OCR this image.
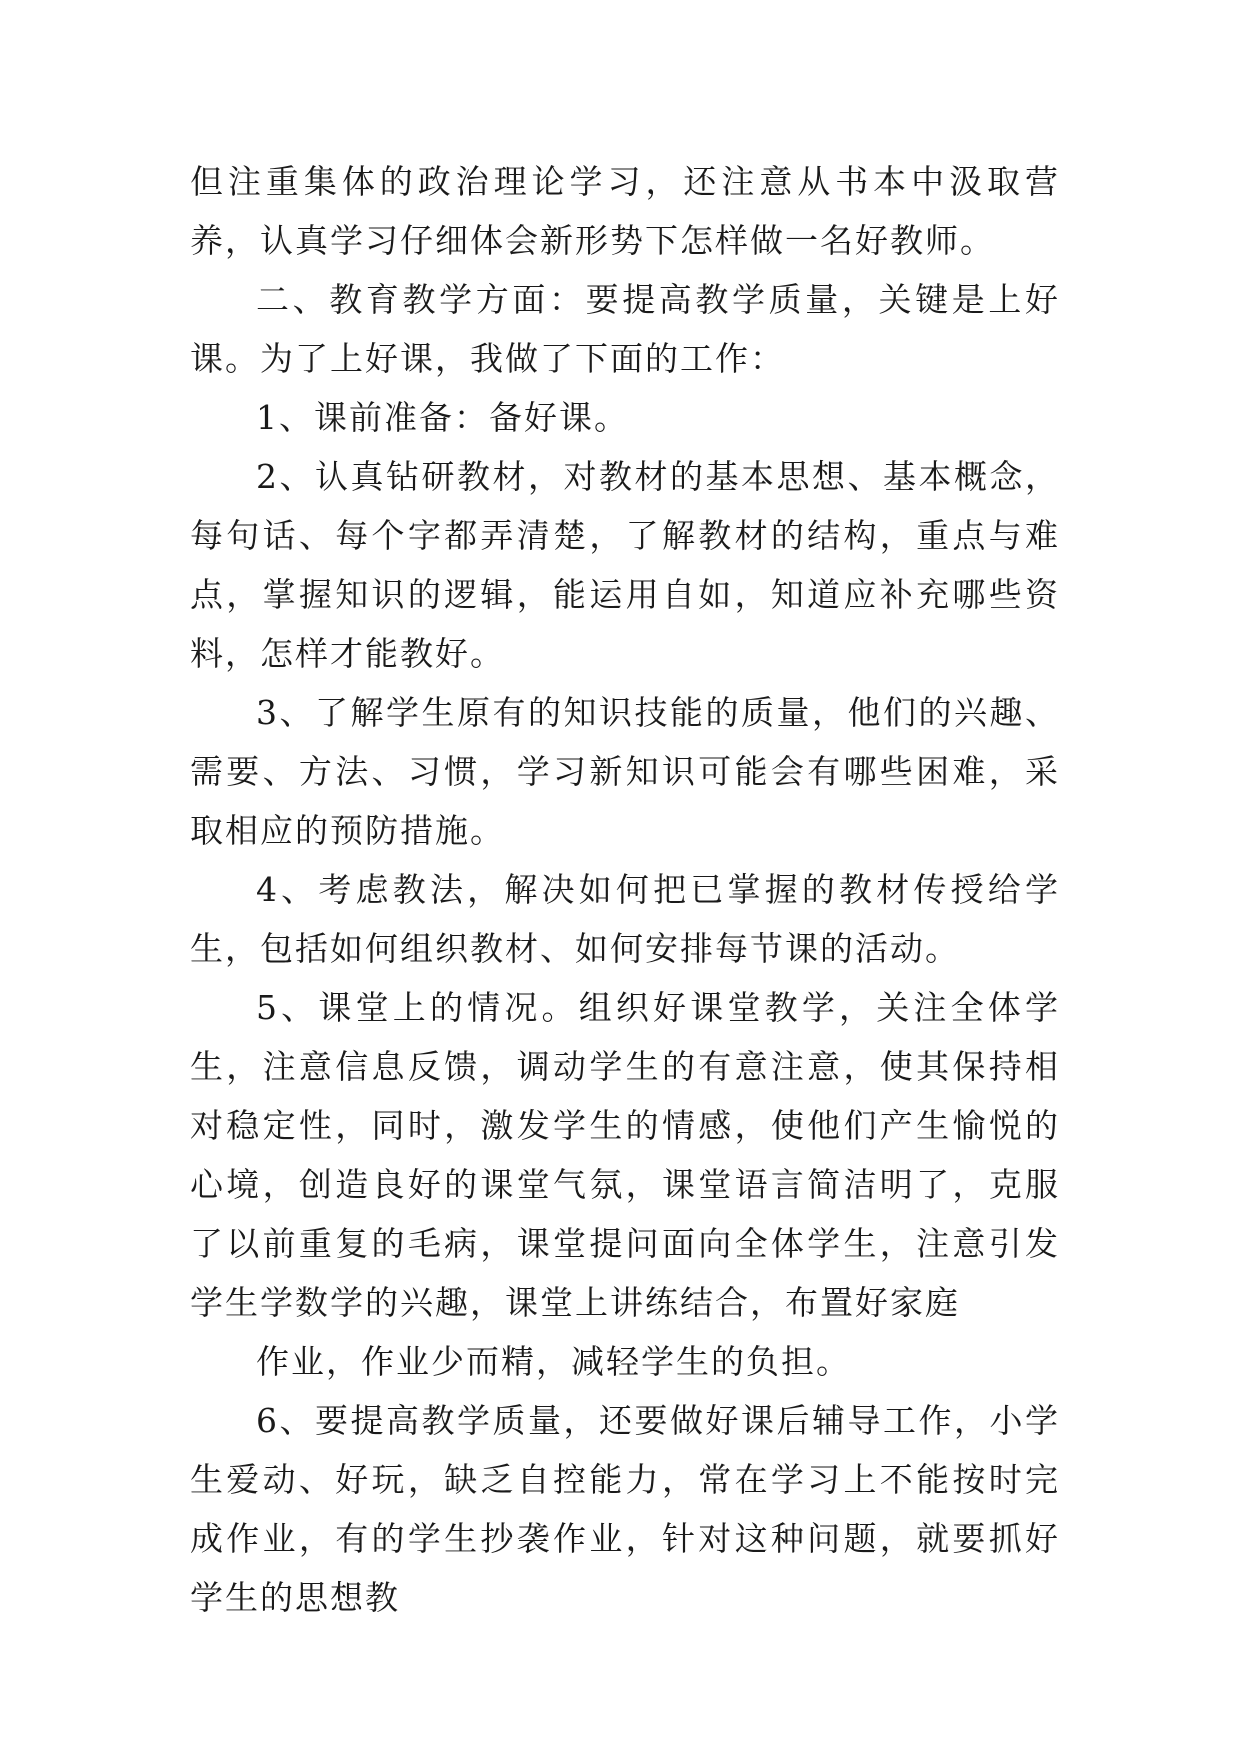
但注重集体的政治理论学习，还注意从书本中汲取营养，认真学习仔细体会新形势下怎样做一名好教师。

二、教育教学方面：要提高教学质量，关键是上好课。为了上好课，我做了下面的工作：

1、课前准备：备好课。

2、认真钻研教材，对教材的基本思想、基本概念，每句话、每个字都弄清楚，了解教材的结构，重点与难点，掌握知识的逻辑，能运用自如，知道应补充哪些资料，怎样才能教好。

3、了解学生原有的知识技能的质量，他们的兴趣、需要、方法、习惯，学习新知识可能会有哪些困难，采取相应的预防措施。

4、考虑教法，解决如何把已掌握的教材传授给学生，包括如何组织教材、如何安排每节课的活动。

5、课堂上的情况。组织好课堂教学，关注全体学生，注意信息反馈，调动学生的有意注意，使其保持相对稳定性，同时，激发学生的情感，使他们产生愉悦的心境，创造良好的课堂气氛，课堂语言简洁明了，克服了以前重复的毛病，课堂提问面向全体学生，注意引发学生学数学的兴趣，课堂上讲练结合，布置好家庭

作业，作业少而精，减轻学生的负担。

6、要提高教学质量，还要做好课后辅导工作，小学生爱动、好玩，缺乏自控能力，常在学习上不能按时完成作业，有的学生抄袭作业，针对这种问题，就要抓好学生的思想教
